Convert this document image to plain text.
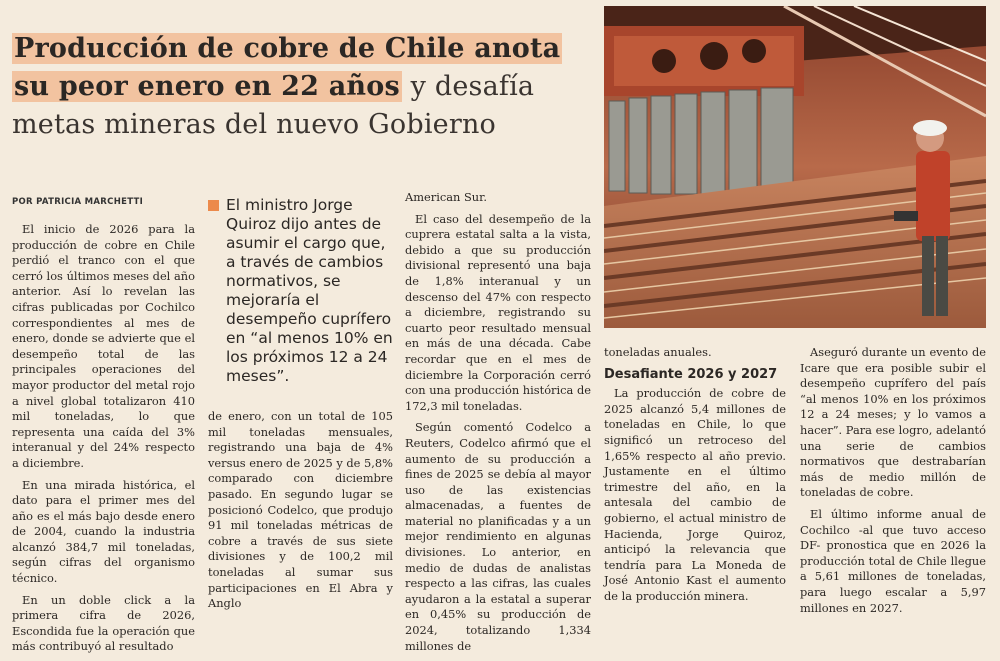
Producción de cobre de Chile anota
su peor enero en 22 años y desafía
metas mineras del nuevo Gobierno
POR PATRICIA MARCHETTI

El inicio de 2026 para la producción de cobre en Chile perdió el tranco con el que cerró los últimos meses del año anterior. Así lo revelan las cifras publicadas por Cochilco correspondientes al mes de enero, donde se advierte que el desempeño total de las principales operaciones del mayor productor del metal rojo a nivel global totalizaron 410 mil toneladas, lo que representa una caída del 3% interanual y del 24% respecto a diciembre.

En una mirada histórica, el dato para el primer mes del año es el más bajo desde enero de 2004, cuando la industria alcanzó 384,7 mil toneladas, según cifras del organismo técnico.

En un doble click a la primera cifra de 2026, Escondida fue la operación que más contribuyó al resultado

El ministro Jorge Quiroz dijo antes de asumir el cargo que, a través de cambios normativos, se mejoraría el desempeño cuprífero en “al menos 10% en los próximos 12 a 24 meses”.

de enero, con un total de 105 mil toneladas mensuales, registrando una baja de 4% versus enero de 2025 y de 5,8% comparado con diciembre pasado. En segundo lugar se posicionó Codelco, que produjo 91 mil toneladas métricas de cobre a través de sus siete divisiones y de 100,2 mil toneladas al sumar sus participaciones en El Abra y Anglo

American Sur.

El caso del desempeño de la cuprera estatal salta a la vista, debido a que su producción divisional representó una baja de 1,8% interanual y un descenso del 47% con respecto a diciembre, registrando su cuarto peor resultado mensual en más de una década. Cabe recordar que en el mes de diciembre la Corporación cerró con una producción histórica de 172,3 mil toneladas.

Según comentó Codelco a Reuters, Codelco afirmó que el aumento de su producción a fines de 2025 se debía al mayor uso de las existencias almacenadas, a fuentes de material no planificadas y a un mejor rendimiento en algunas divisiones. Lo anterior, en medio de dudas de analistas respecto a las cifras, las cuales ayudaron a la estatal a superar en 0,45% su producción de 2024, totalizando 1,334 millones de

toneladas anuales.

Desafiante 2026 y 2027

La producción de cobre de 2025 alcanzó 5,4 millones de toneladas en Chile, lo que significó un retroceso del 1,65% respecto al año previo. Justamente en el último trimestre del año, en la antesala del cambio de gobierno, el actual ministro de Hacienda, Jorge Quiroz, anticipó la relevancia que tendría para La Moneda de José Antonio Kast el aumento de la producción minera.

Aseguró durante un evento de Icare que era posible subir el desempeño cuprífero del país “al menos 10% en los próximos 12 a 24 meses; y lo vamos a hacer”. Para ese logro, adelantó una serie de cambios normativos que destrabarían más de medio millón de toneladas de cobre.

El último informe anual de Cochilco -al que tuvo acceso DF- pronostica que en 2026 la producción total de Chile llegue a 5,61 millones de toneladas, para luego escalar a 5,97 millones en 2027.
